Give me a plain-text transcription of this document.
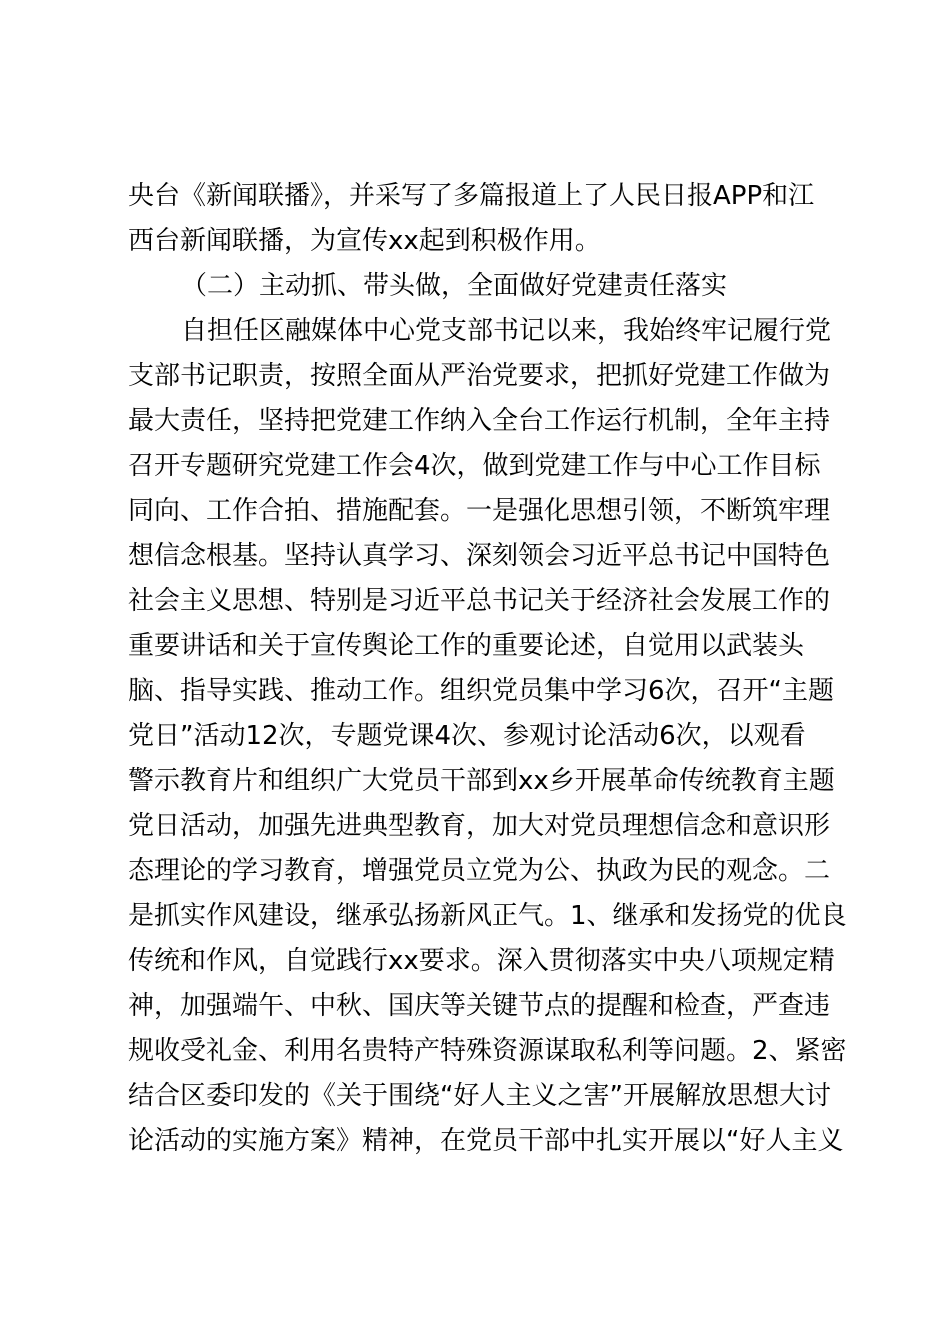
央台《新闻联播》，并采写了多篇报道上了人民日报APP和江
西台新闻联播，为宣传xx起到积极作用。
（二）主动抓、带头做，全面做好党建责任落实
自担任区融媒体中心党支部书记以来，我始终牢记履行党
支部书记职责，按照全面从严治党要求，把抓好党建工作做为
最大责任，坚持把党建工作纳入全台工作运行机制，全年主持
召开专题研究党建工作会4次，做到党建工作与中心工作目标
同向、工作合拍、措施配套。一是强化思想引领，不断筑牢理
想信念根基。坚持认真学习、深刻领会习近平总书记中国特色
社会主义思想、特别是习近平总书记关于经济社会发展工作的
重要讲话和关于宣传舆论工作的重要论述，自觉用以武装头
脑、指导实践、推动工作。组织党员集中学习6次，召开“主题
党日”活动12次，专题党课4次、参观讨论活动6次，以观看
警示教育片和组织广大党员干部到xx乡开展革命传统教育主题
党日活动，加强先进典型教育，加大对党员理想信念和意识形
态理论的学习教育，增强党员立党为公、执政为民的观念。二
是抓实作风建设，继承弘扬新风正气。1、继承和发扬党的优良
传统和作风，自觉践行xx要求。深入贯彻落实中央八项规定精
神，加强端午、中秋、国庆等关键节点的提醒和检查，严查违
规收受礼金、利用名贵特产特殊资源谋取私利等问题。2、紧密
结合区委印发的《关于围绕“好人主义之害”开展解放思想大讨
论活动的实施方案》精神，在党员干部中扎实开展以“好人主义
